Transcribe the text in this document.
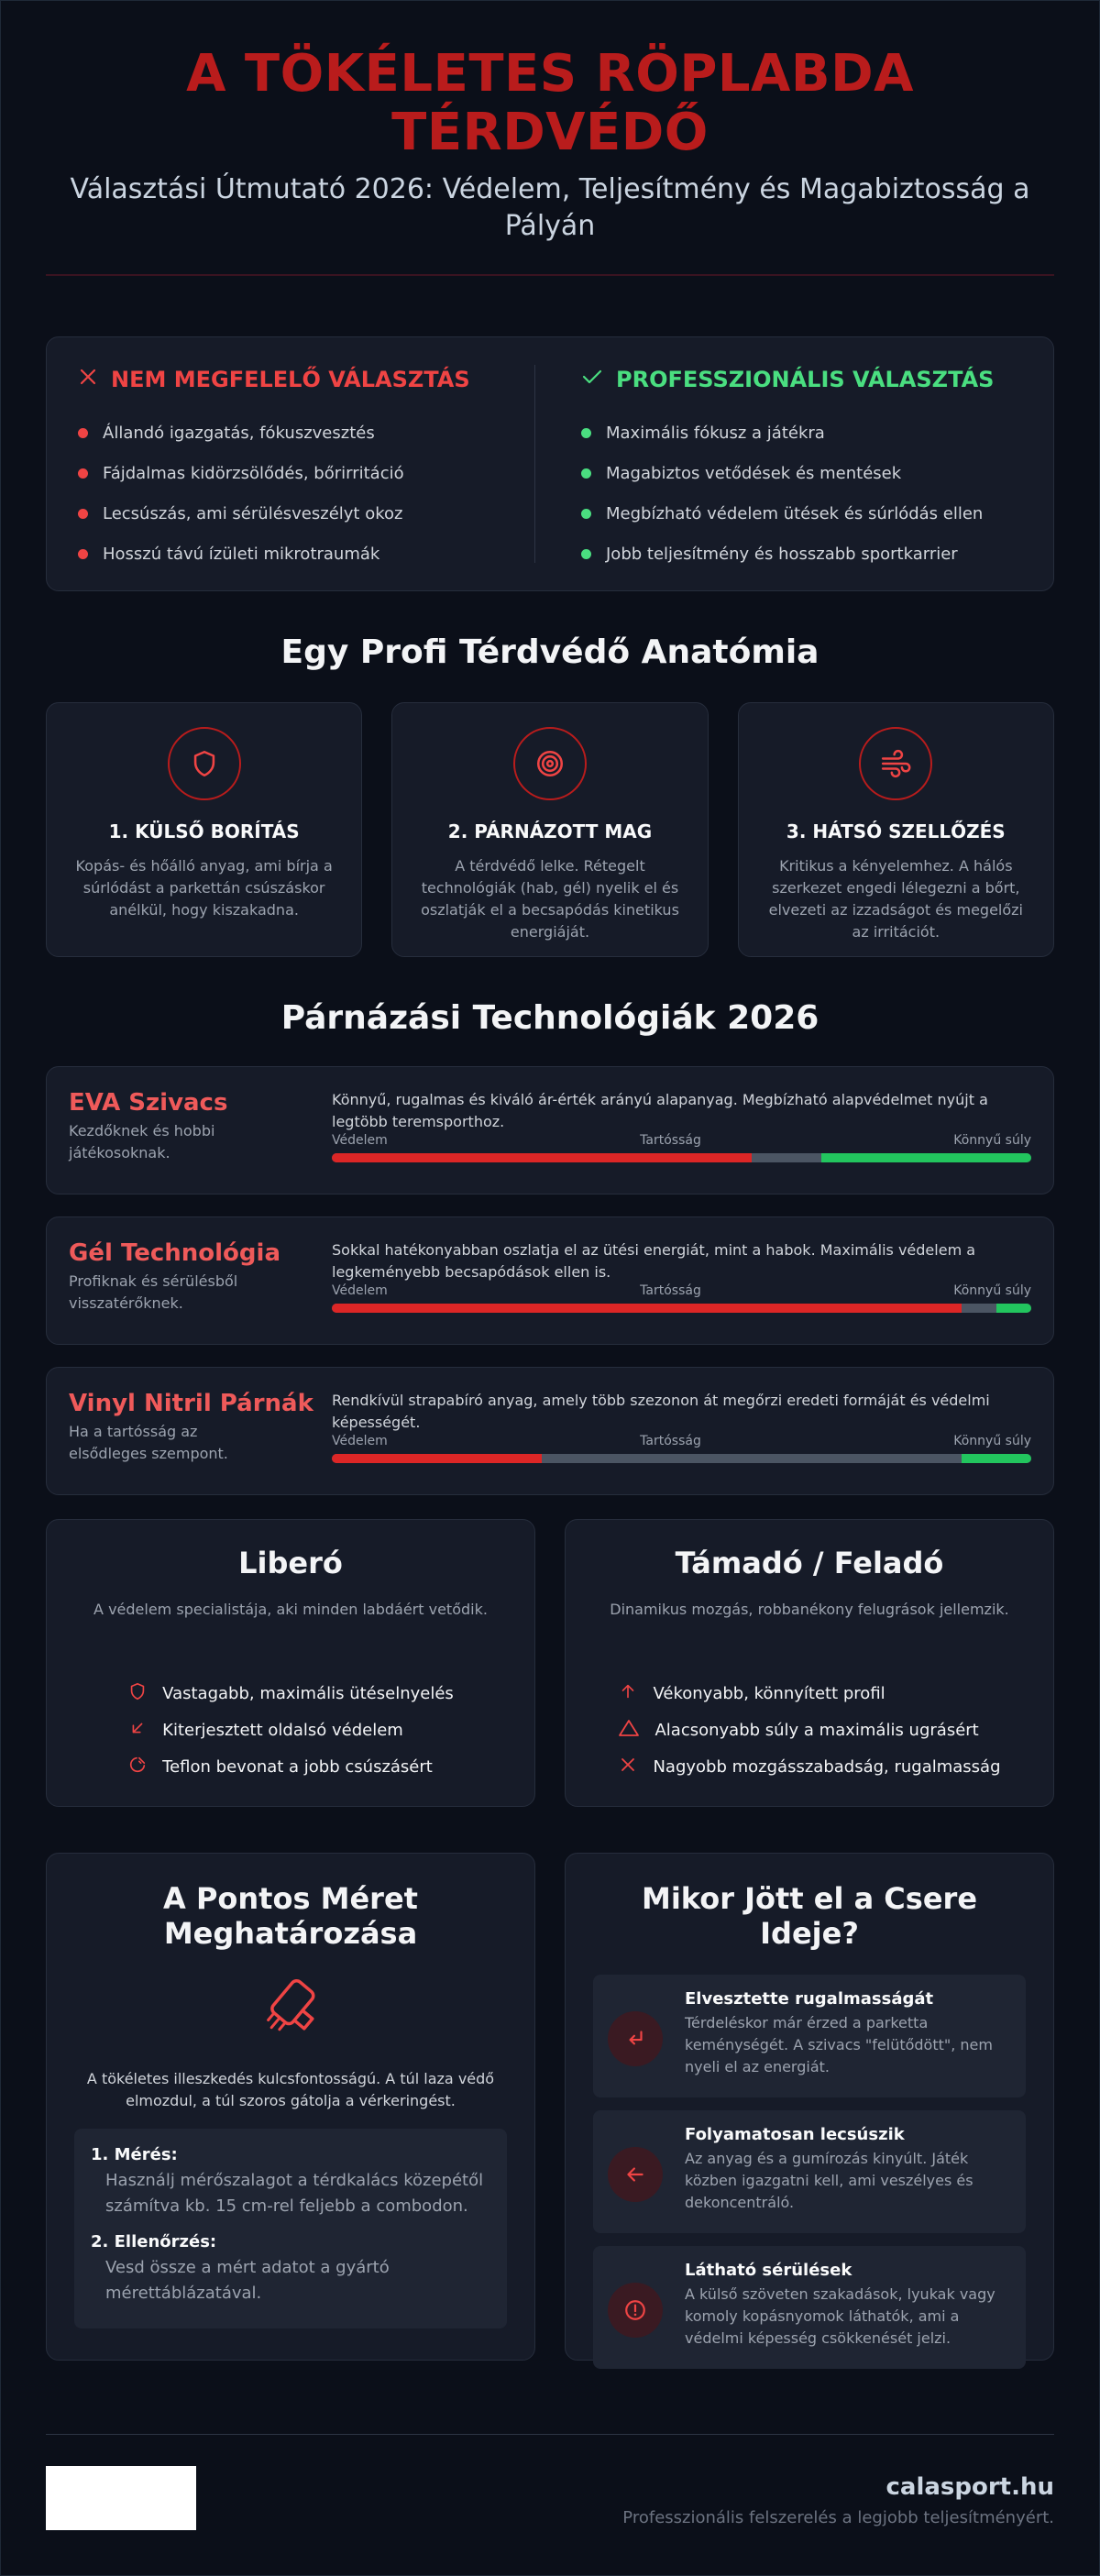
A TÖKÉLETES RÖPLABDA TÉRDVÉDŐ

Választási Útmutató 2026: Védelem, Teljesítmény és Magabiztosság a Pályán

NEM MEGFELELŐ VÁLASZTÁS
Állandó igazgatás, fókuszvesztés
Fájdalmas kidörzsölődés, bőrirritáció
Lecsúszás, ami sérülésveszélyt okoz
Hosszú távú ízületi mikrotraumák
PROFESSZIONÁLIS VÁLASZTÁS
Maximális fókusz a játékra
Magabiztos vetődések és mentések
Megbízható védelem ütések és súrlódás ellen
Jobb teljesítmény és hosszabb sportkarrier
Egy Profi Térdvédő Anatómia
1. KÜLSŐ BORÍTÁS

Kopás- és hőálló anyag, ami bírja a súrlódást a parkettán csúszáskor anélkül, hogy kiszakadna.

2. PÁRNÁZOTT MAG

A térdvédő lelke. Rétegelt technológiák (hab, gél) nyelik el és oszlatják el a becsapódás kinetikus energiáját.

3. HÁTSÓ SZELLŐZÉS

Kritikus a kényelemhez. A hálós szerkezet engedi lélegezni a bőrt, elvezeti az izzadságot és megelőzi az irritációt.

Párnázási Technológiák 2026
EVA Szivacs

Kezdőknek és hobbi játékosoknak.

Könnyű, rugalmas és kiváló ár-érték arányú alapanyag. Megbízható alapvédelmet nyújt a legtöbb teremsporthoz.
Védelem	Tartósság	Könnyű súly
Gél Technológia

Profiknak és sérülésből visszatérőknek.

Sokkal hatékonyabban oszlatja el az ütési energiát, mint a habok. Maximális védelem a legkeményebb becsapódások ellen is.
Védelem	Tartósság	Könnyű súly
Vinyl Nitril Párnák

Ha a tartósság az elsődleges szempont.

Rendkívül strapabíró anyag, amely több szezonon át megőrzi eredeti formáját és védelmi képességét.
Védelem	Tartósság	Könnyű súly
Liberó
A védelem specialistája, aki minden labdáért vetődik.
Vastagabb, maximális ütéselnyelés
Kiterjesztett oldalsó védelem
Teflon bevonat a jobb csúszásért
Támadó / Feladó
Dinamikus mozgás, robbanékony felugrások jellemzik.
Vékonyabb, könnyített profil
Alacsonyabb súly a maximális ugrásért
Nagyobb mozgásszabadság, rugalmasság
A Pontos Méret Meghatározása

A tökéletes illeszkedés kulcsfontosságú. A túl laza védő elmozdul, a túl szoros gátolja a vérkeringést.

1. Mérés:
Használj mérőszalagot a térdkalács közepétől számítva kb. 15 cm-rel feljebb a combodon.
2. Ellenőrzés:
Vesd össze a mért adatot a gyártó mérettáblázatával.
Mikor Jött el a Csere Ideje?
Elvesztette rugalmasságát

Térdeléskor már érzed a parketta keménységét. A szivacs "felütődött", nem nyeli el az energiát.

Folyamatosan lecsúszik

Az anyag és a gumírozás kinyúlt. Játék közben igazgatni kell, ami veszélyes és dekoncentráló.

Látható sérülések

A külső szöveten szakadások, lyukak vagy komoly kopásnyomok láthatók, ami a védelmi képesség csökkenését jelzi.

calasport.hu
Professzionális felszerelés a legjobb teljesítményért.
